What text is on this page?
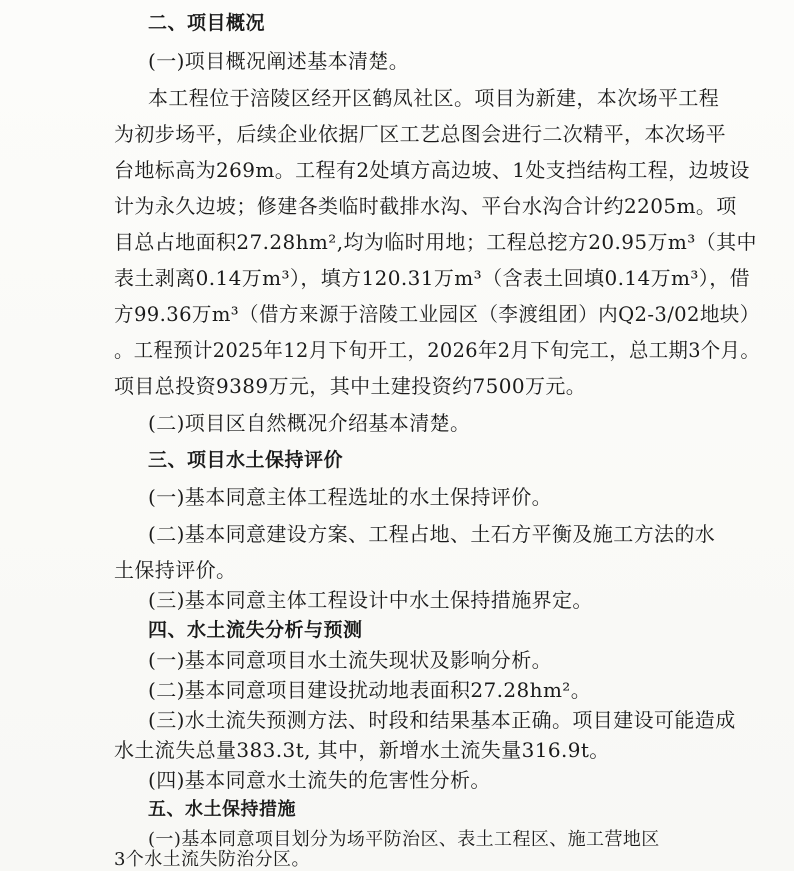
二、项目概况
(一)项目概况阐述基本清楚。
本工程位于涪陵区经开区鹤凤社区。项目为新建，本次场平工程
为初步场平，后续企业依据厂区工艺总图会进行二次精平，本次场平
台地标高为269m。工程有2处填方高边坡、1处支挡结构工程，边坡设
计为永久边坡；修建各类临时截排水沟、平台水沟合计约2205m。项
目总占地面积27.28hm²,均为临时用地；工程总挖方20.95万m³（其中
表土剥离0.14万m³），填方120.31万m³（含表土回填0.14万m³），借
方99.36万m³（借方来源于涪陵工业园区（李渡组团）内Q2-3/02地块）
。工程预计2025年12月下旬开工，2026年2月下旬完工，总工期3个月。
项目总投资9389万元，其中土建投资约7500万元。
(二)项目区自然概况介绍基本清楚。
三、项目水土保持评价
(一)基本同意主体工程选址的水土保持评价。
(二)基本同意建设方案、工程占地、土石方平衡及施工方法的水
土保持评价。
(三)基本同意主体工程设计中水土保持措施界定。
四、水土流失分析与预测
(一)基本同意项目水土流失现状及影响分析。
(二)基本同意项目建设扰动地表面积27.28hm²。
(三)水土流失预测方法、时段和结果基本正确。项目建设可能造成
水土流失总量383.3t, 其中，新增水土流失量316.9t。
(四)基本同意水土流失的危害性分析。
五、水土保持措施
(一)基本同意项目划分为场平防治区、表土工程区、施工营地区
3个水土流失防治分区。
